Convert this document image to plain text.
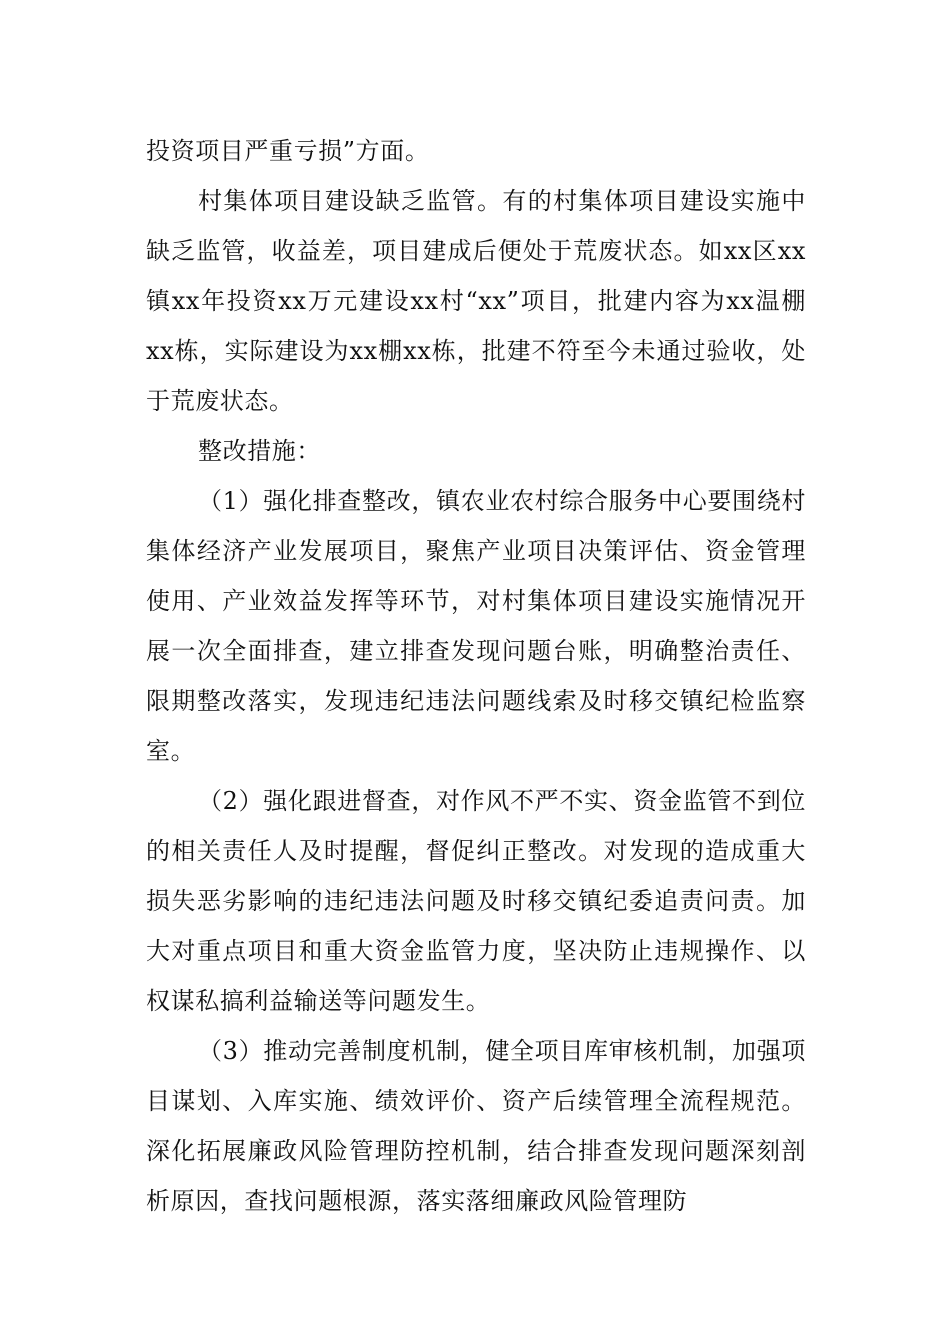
投资项目严重亏损”方面。

村集体项目建设缺乏监管。有的村集体项目建设实施中缺乏监管，收益差，项目建成后便处于荒废状态。如xx区xx镇xx年投资xx万元建设xx村“xx”项目，批建内容为xx温棚xx栋，实际建设为xx棚xx栋，批建不符至今未通过验收，处于荒废状态。

整改措施：

（1）强化排查整改，镇农业农村综合服务中心要围绕村集体经济产业发展项目，聚焦产业项目决策评估、资金管理使用、产业效益发挥等环节，对村集体项目建设实施情况开展一次全面排查，建立排查发现问题台账，明确整治责任、限期整改落实，发现违纪违法问题线索及时移交镇纪检监察室。

（2）强化跟进督查，对作风不严不实、资金监管不到位的相关责任人及时提醒，督促纠正整改。对发现的造成重大损失恶劣影响的违纪违法问题及时移交镇纪委追责问责。加大对重点项目和重大资金监管力度，坚决防止违规操作、以权谋私搞利益输送等问题发生。

（3）推动完善制度机制，健全项目库审核机制，加强项目谋划、入库实施、绩效评价、资产后续管理全流程规范。深化拓展廉政风险管理防控机制，结合排查发现问题深刻剖析原因，查找问题根源，落实落细廉政风险管理防
